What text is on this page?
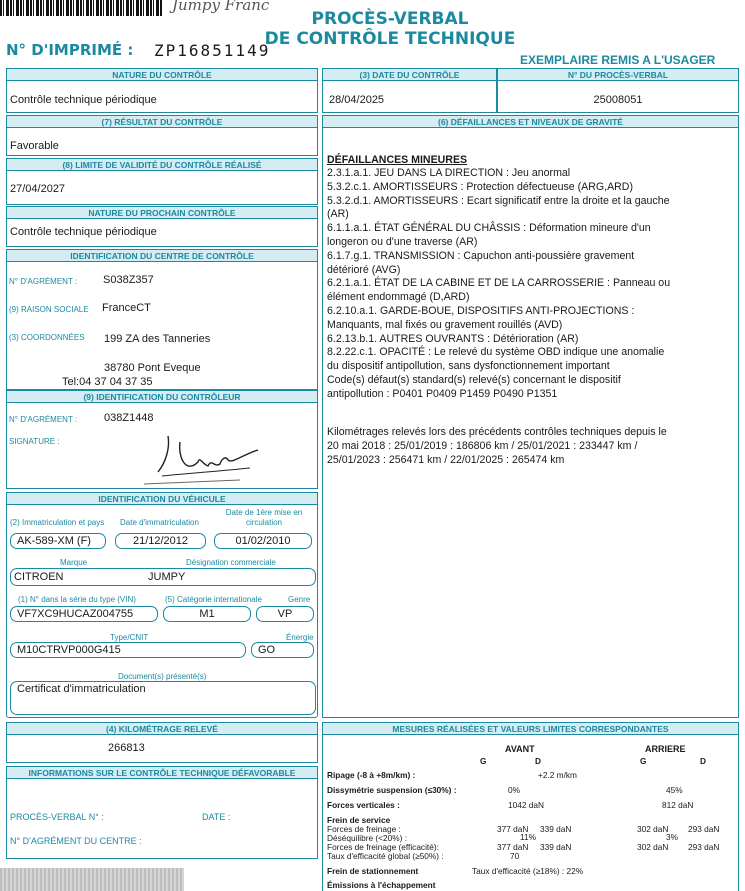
Jumpy Franc
PROCÈS-VERBAL
DE CONTRÔLE TECHNIQUE
N° D'IMPRIMÉ : ZP16851149	EXEMPLAIRE REMIS A L'USAGER
NATURE DU CONTRÔLE
Contrôle technique périodique
(3) DATE DU CONTRÔLE	N° DU PROCÈS-VERBAL
28/04/2025	25008051
(7) RÉSULTAT DU CONTRÔLE
Favorable
(8) LIMITE DE VALIDITÉ DU CONTRÔLE RÉALISÉ
27/04/2027
NATURE DU PROCHAIN CONTRÔLE
Contrôle technique périodique
IDENTIFICATION DU CENTRE DE CONTRÔLE
N° D'AGRÉMENT : S038Z357
(9) RAISON SOCIALE FranceCT
(3) COORDONNÉES 199 ZA des Tanneries
38780 Pont Eveque
Tel:04 37 04 37 35
(9) IDENTIFICATION DU CONTRÔLEUR
N° D'AGRÉMENT : 038Z1448
SIGNATURE :
IDENTIFICATION DU VÉHICULE
(2) Immatriculation et pays Date d'immatriculation
Date de 1ère mise en circulation
AK-589-XM (F)	21/12/2012	01/02/2010
Marque	Désignation commerciale
CITROEN	JUMPY
(1) N° dans la série du type (VIN)	(5) Catégorie internationale	Genre
VF7XC9HUCAZ004755	M1	VP
Type/CNIT	Énergie
M10CTRVP000G415	GO
Document(s) présenté(s)
Certificat d'immatriculation
(4) KILOMÉTRAGE RELEVÉ
266813
INFORMATIONS SUR LE CONTRÔLE TECHNIQUE DÉFAVORABLE
PROCÈS-VERBAL N° :	DATE :
N° D'AGRÉMENT DU CENTRE :
(6) DÉFAILLANCES ET NIVEAUX DE GRAVITÉ
DÉFAILLANCES MINEURES
2.3.1.a.1. JEU DANS LA DIRECTION : Jeu anormal
5.3.2.c.1. AMORTISSEURS : Protection défectueuse (ARG,ARD)
5.3.2.d.1. AMORTISSEURS : Ecart significatif entre la droite et la gauche
(AR)
6.1.1.a.1. ÉTAT GÉNÉRAL DU CHÂSSIS : Déformation mineure d'un
longeron ou d'une traverse (AR)
6.1.7.g.1. TRANSMISSION : Capuchon anti-poussière gravement
détérioré (AVG)
6.2.1.a.1. ÉTAT DE LA CABINE ET DE LA CARROSSERIE : Panneau ou
élément endommagé (D,ARD)
6.2.10.a.1. GARDE-BOUE, DISPOSITIFS ANTI-PROJECTIONS :
Manquants, mal fixés ou gravement rouillés (AVD)
6.2.13.b.1. AUTRES OUVRANTS : Détérioration (AR)
8.2.22.c.1. OPACITÉ : Le relevé du système OBD indique une anomalie
du dispositif antipollution, sans dysfonctionnement important
Code(s) défaut(s) standard(s) relevé(s) concernant le dispositif
antipollution : P0401 P0409 P1459 P0490 P1351
Kilométrages relevés lors des précédents contrôles techniques depuis le
20 mai 2018 : 25/01/2019 : 186806 km / 25/01/2021 : 233447 km /
25/01/2023 : 256471 km / 22/01/2025 : 265474 km
MESURES RÉALISÉES ET VALEURS LIMITES CORRESPONDANTES
AVANT	ARRIERE
G	D	G	D
Ripage (-8 à +8m/km) :	+2.2 m/km
Dissymétrie suspension (≤30%) :	0%	45%
Forces verticales :	1042 daN	812 daN
Frein de service
Forces de freinage :	377 daN 339 daN	302 daN 293 daN
Déséquilibre (<20%) :	11%	3%
Forces de freinage (efficacité):	377 daN 339 daN	302 daN 293 daN
Taux d'efficacité global (≥50%) :	70
Frein de stationnement	Taux d'efficacité (≥18%) : 22%
Émissions à l'échappement
